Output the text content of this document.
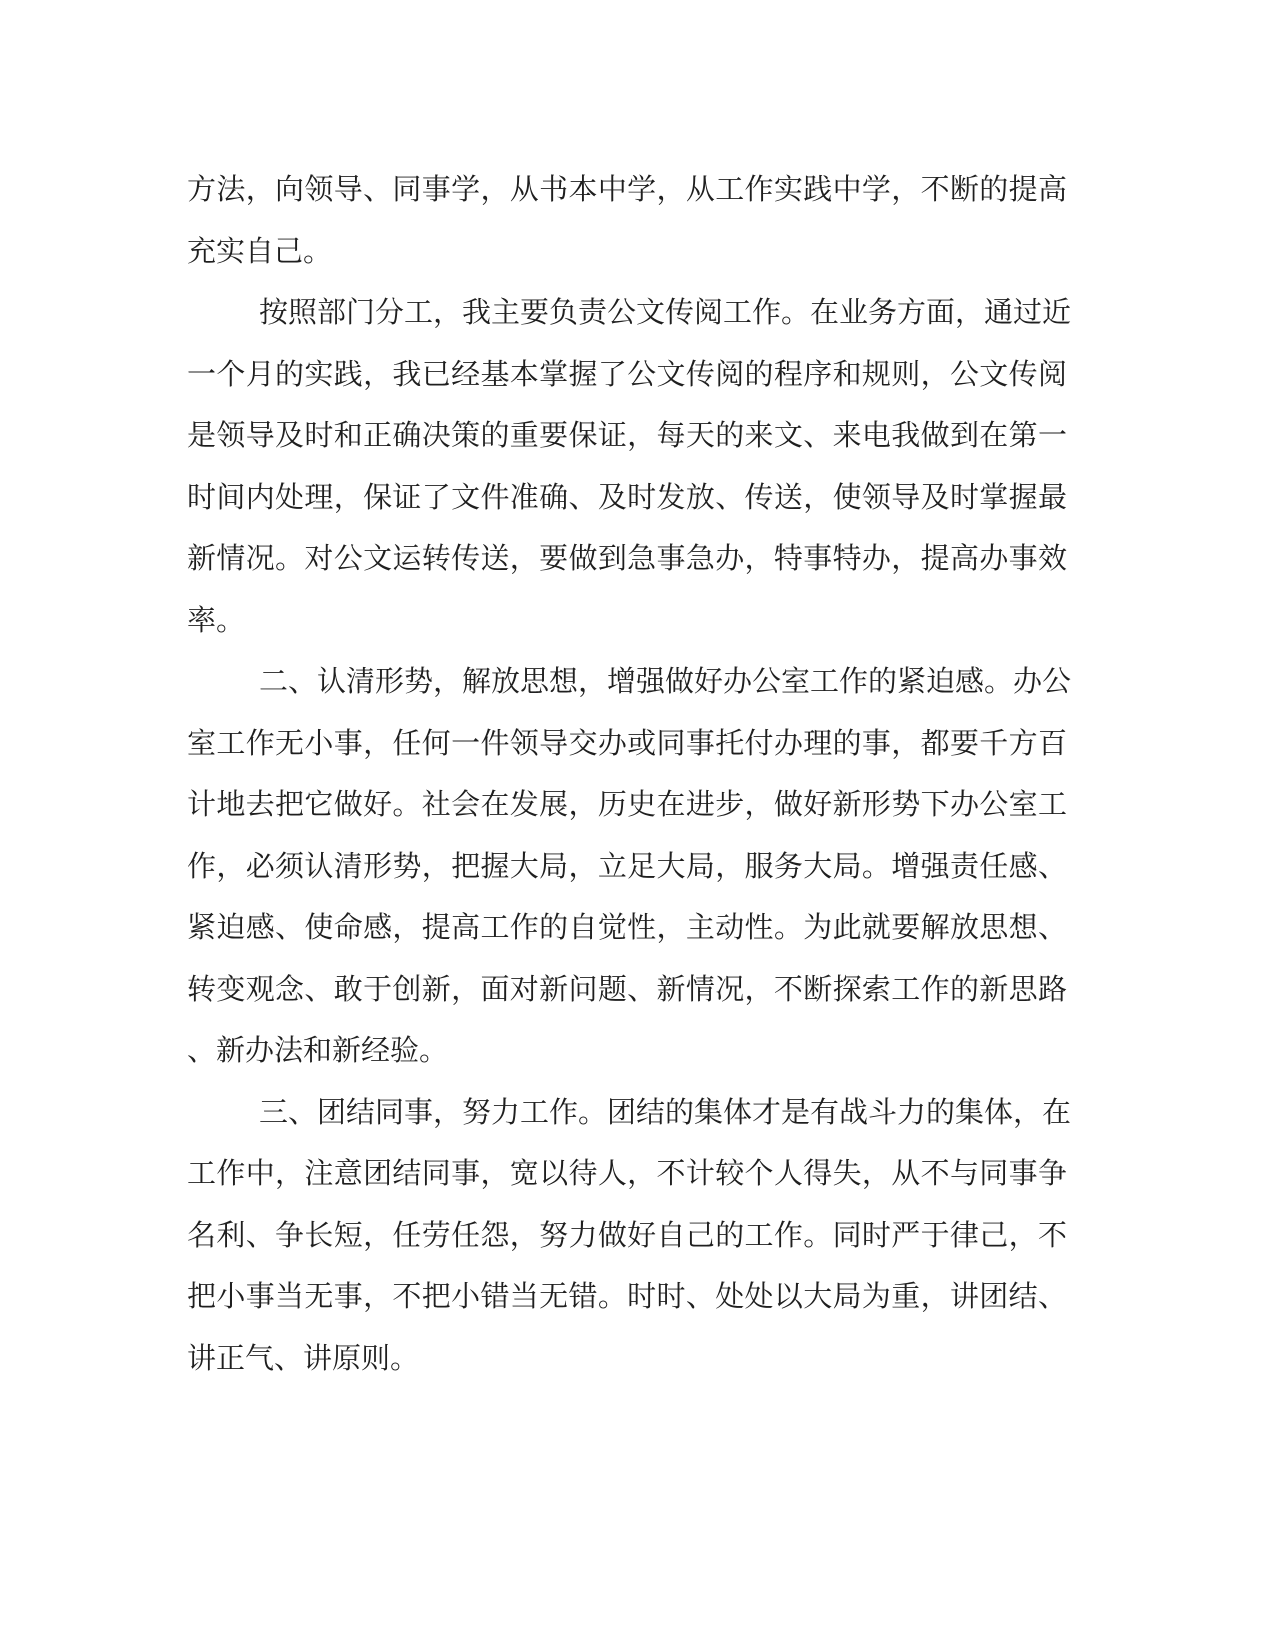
方法，向领导、同事学，从书本中学，从工作实践中学，不断的提高
充实自己。
按照部门分工，我主要负责公文传阅工作。在业务方面，通过近
一个月的实践，我已经基本掌握了公文传阅的程序和规则，公文传阅
是领导及时和正确决策的重要保证，每天的来文、来电我做到在第一
时间内处理，保证了文件准确、及时发放、传送，使领导及时掌握最
新情况。对公文运转传送，要做到急事急办，特事特办，提高办事效
率。
二、认清形势，解放思想，增强做好办公室工作的紧迫感。办公
室工作无小事，任何一件领导交办或同事托付办理的事，都要千方百
计地去把它做好。社会在发展，历史在进步，做好新形势下办公室工
作，必须认清形势，把握大局，立足大局，服务大局。增强责任感、
紧迫感、使命感，提高工作的自觉性，主动性。为此就要解放思想、
转变观念、敢于创新，面对新问题、新情况，不断探索工作的新思路
、新办法和新经验。
三、团结同事，努力工作。团结的集体才是有战斗力的集体，在
工作中，注意团结同事，宽以待人，不计较个人得失，从不与同事争
名利、争长短，任劳任怨，努力做好自己的工作。同时严于律己，不
把小事当无事，不把小错当无错。时时、处处以大局为重，讲团结、
讲正气、讲原则。
